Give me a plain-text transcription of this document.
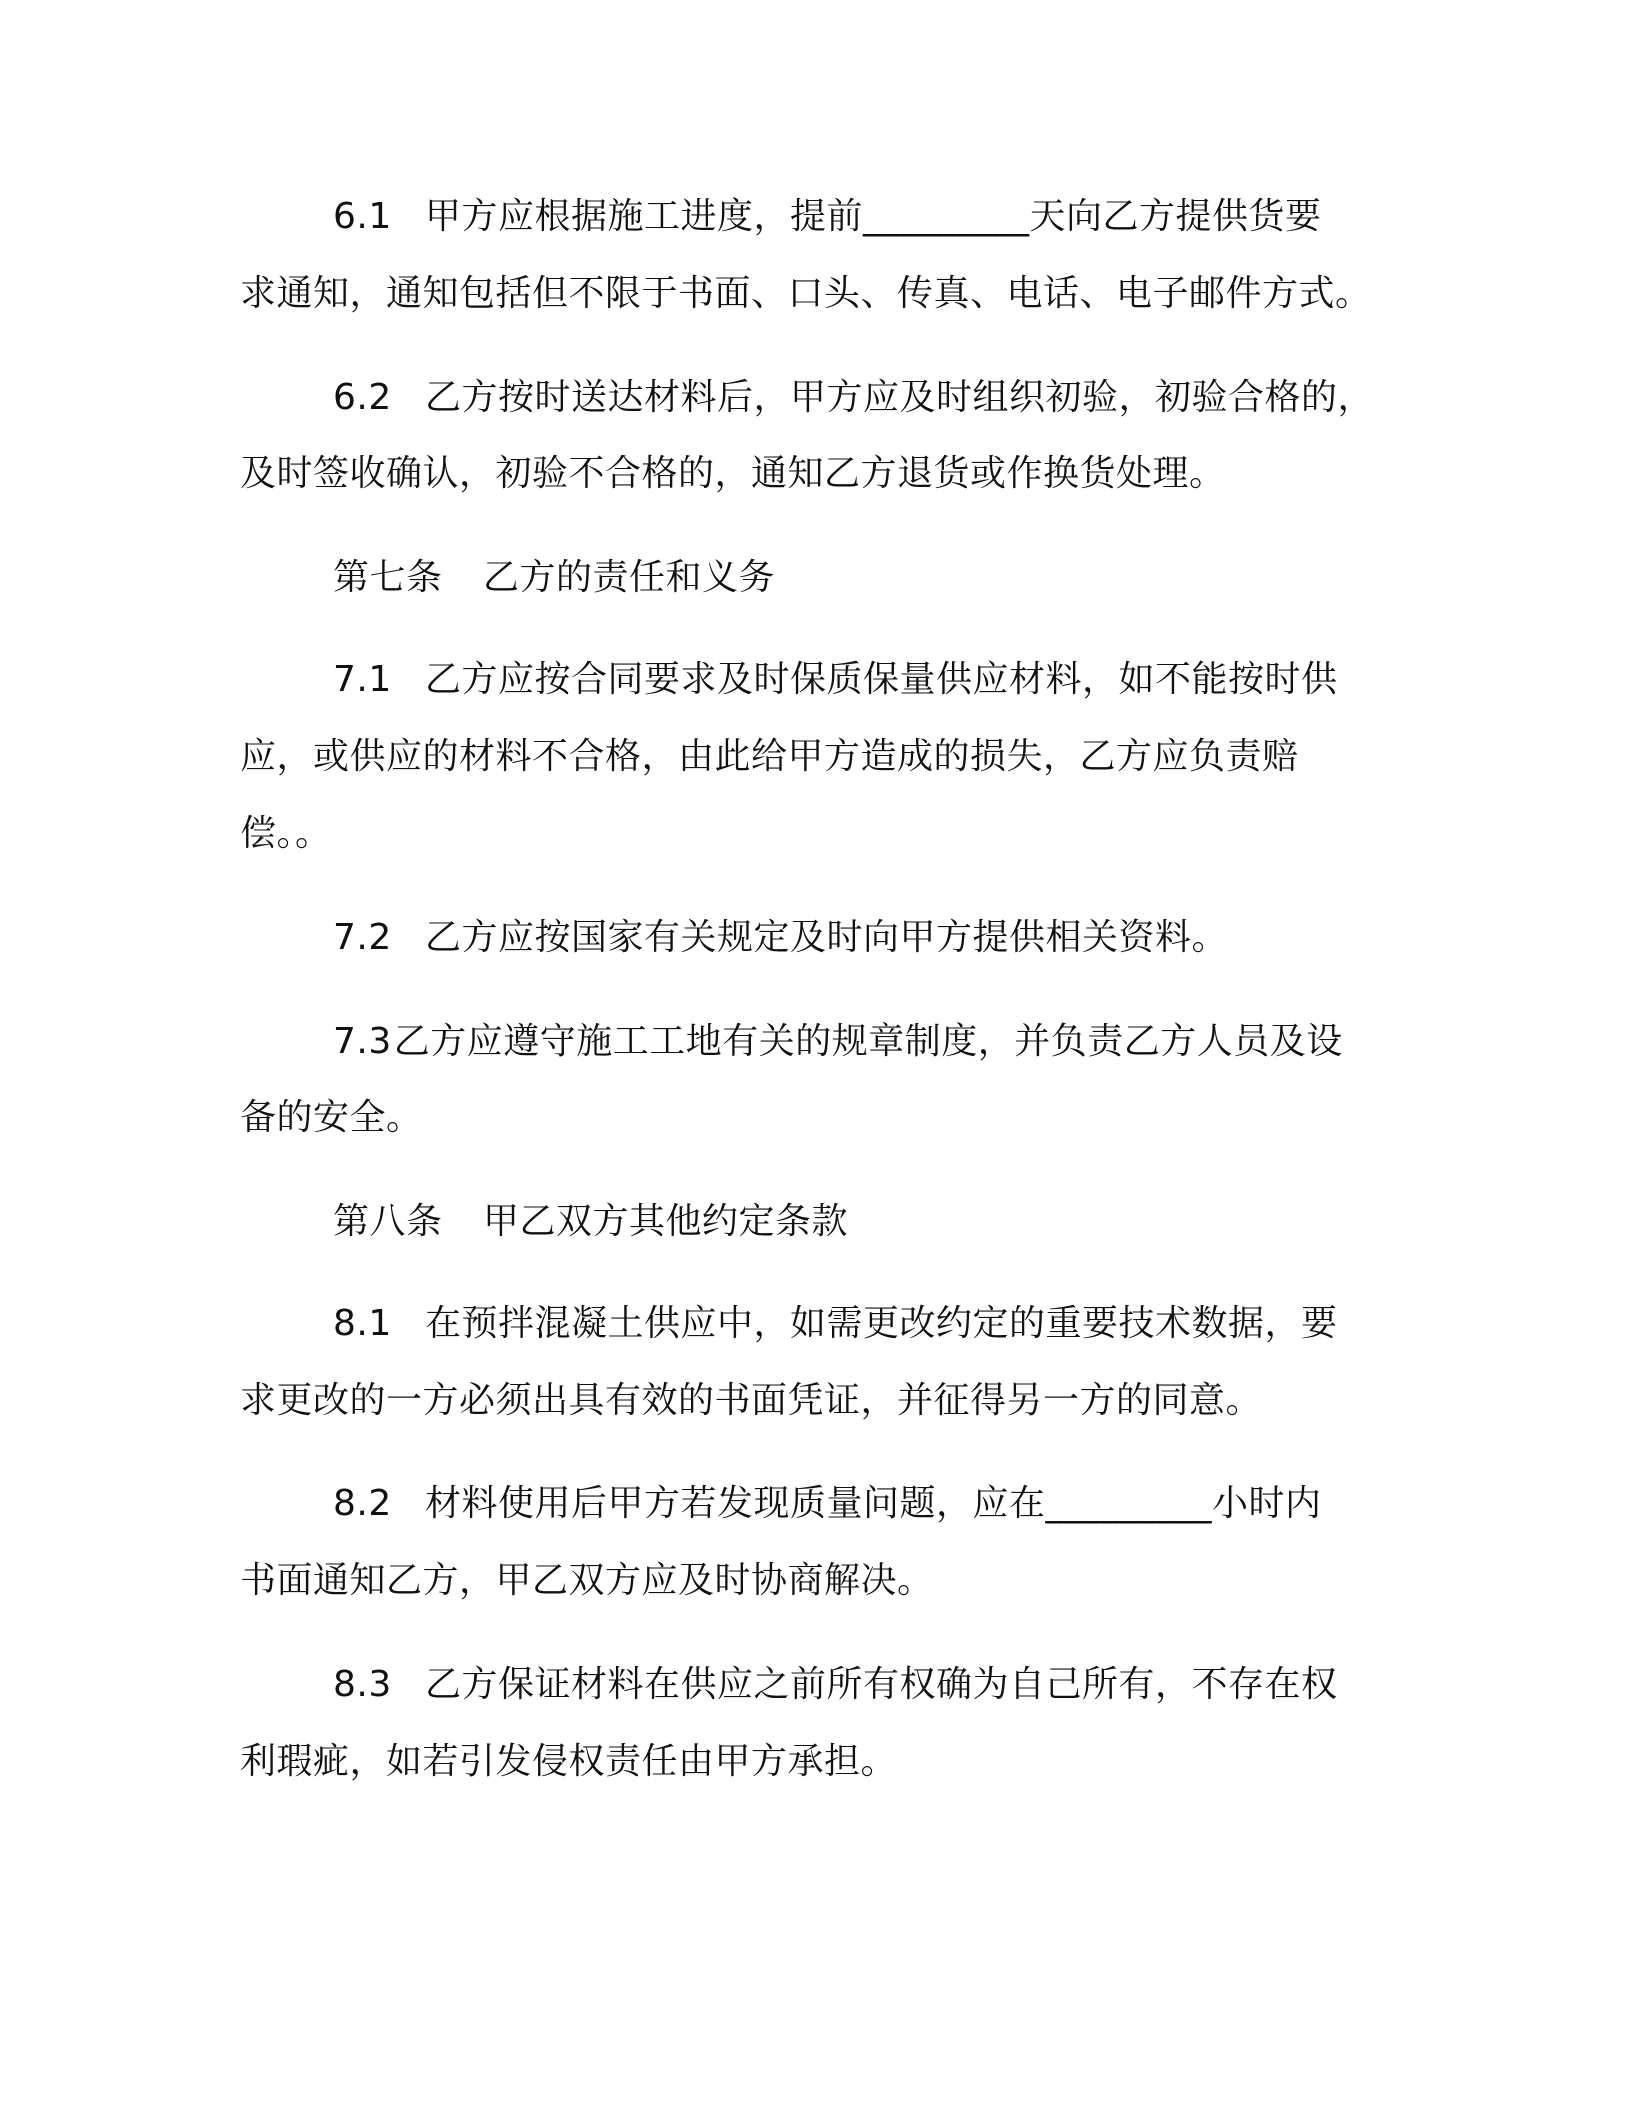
6.1 甲方应根据施工进度，提前_________天向乙方提供货要
求通知，通知包括但不限于书面、口头、传真、电话、电子邮件方式。
6.2 乙方按时送达材料后，甲方应及时组织初验，初验合格的，
及时签收确认，初验不合格的，通知乙方退货或作换货处理。
第七条 乙方的责任和义务
7.1 乙方应按合同要求及时保质保量供应材料，如不能按时供
应，或供应的材料不合格，由此给甲方造成的损失，乙方应负责赔
偿。。
7.2 乙方应按国家有关规定及时向甲方提供相关资料。
7.3乙方应遵守施工工地有关的规章制度，并负责乙方人员及设
备的安全。
第八条 甲乙双方其他约定条款
8.1 在预拌混凝土供应中，如需更改约定的重要技术数据，要
求更改的一方必须出具有效的书面凭证，并征得另一方的同意。
8.2 材料使用后甲方若发现质量问题，应在_________小时内
书面通知乙方，甲乙双方应及时协商解决。
8.3 乙方保证材料在供应之前所有权确为自己所有，不存在权
利瑕疵，如若引发侵权责任由甲方承担。
